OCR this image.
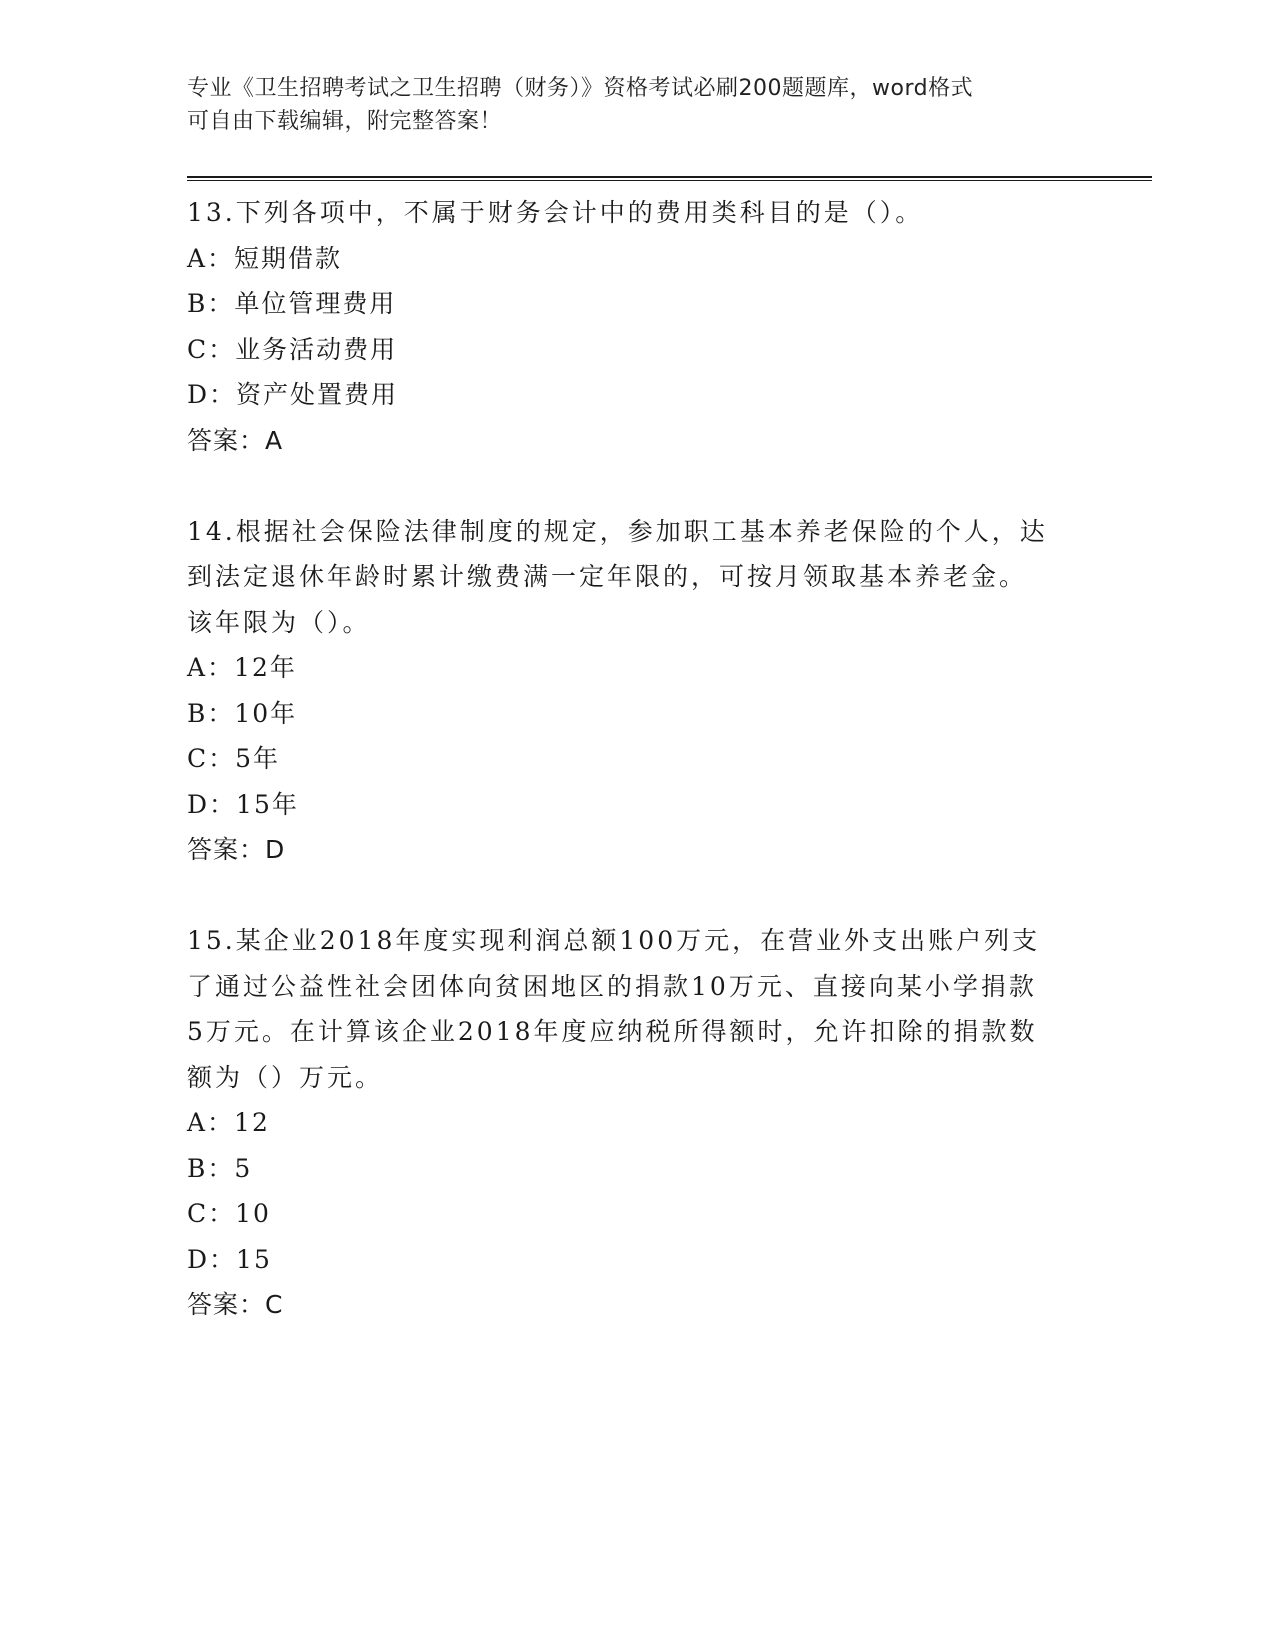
专业《卫生招聘考试之卫生招聘（财务）》资格考试必刷200题题库，word格式
可自由下载编辑，附完整答案！
13.下列各项中，不属于财务会计中的费用类科目的是（）。
A：短期借款
B：单位管理费用
C：业务活动费用
D：资产处置费用
答案：A
14.根据社会保险法律制度的规定，参加职工基本养老保险的个人，达
到法定退休年龄时累计缴费满一定年限的，可按月领取基本养老金。
该年限为（）。
A：12年
B：10年
C：5年
D：15年
答案：D
15.某企业2018年度实现利润总额100万元，在营业外支出账户列支
了通过公益性社会团体向贫困地区的捐款10万元、直接向某小学捐款
5万元。在计算该企业2018年度应纳税所得额时，允许扣除的捐款数
额为（）万元。
A：12
B：5
C：10
D：15
答案：C
